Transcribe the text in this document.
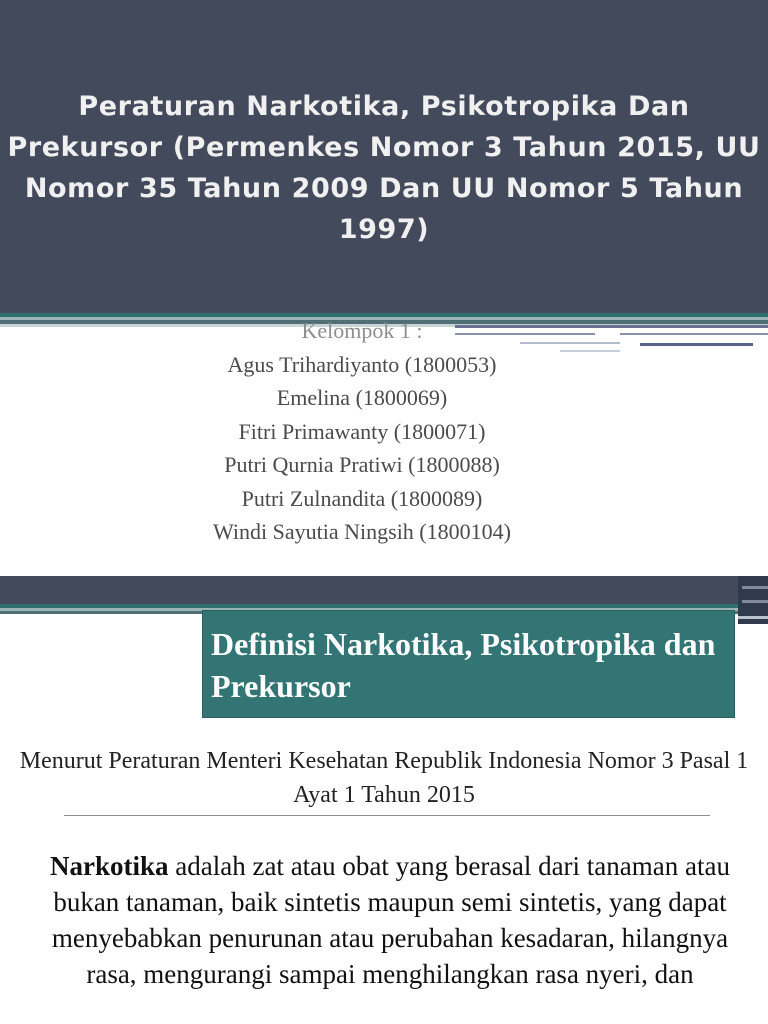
Peraturan Narkotika, Psikotropika Dan Prekursor (Permenkes Nomor 3 Tahun 2015, UU Nomor 35 Tahun 2009 Dan UU Nomor 5 Tahun 1997)
Kelompok 1 :
Agus Trihardiyanto (1800053)
Emelina (1800069)
Fitri Primawanty (1800071)
Putri Qurnia Pratiwi (1800088)
Putri Zulnandita (1800089)
Windi Sayutia Ningsih (1800104)
Definisi Narkotika, Psikotropika dan Prekursor

Menurut Peraturan Menteri Kesehatan Republik Indonesia Nomor 3 Pasal 1 Ayat 1 Tahun 2015

Narkotika adalah zat atau obat yang berasal dari tanaman atau bukan tanaman, baik sintetis maupun semi sintetis, yang dapat menyebabkan penurunan atau perubahan kesadaran, hilangnya rasa, mengurangi sampai menghilangkan rasa nyeri, dan
